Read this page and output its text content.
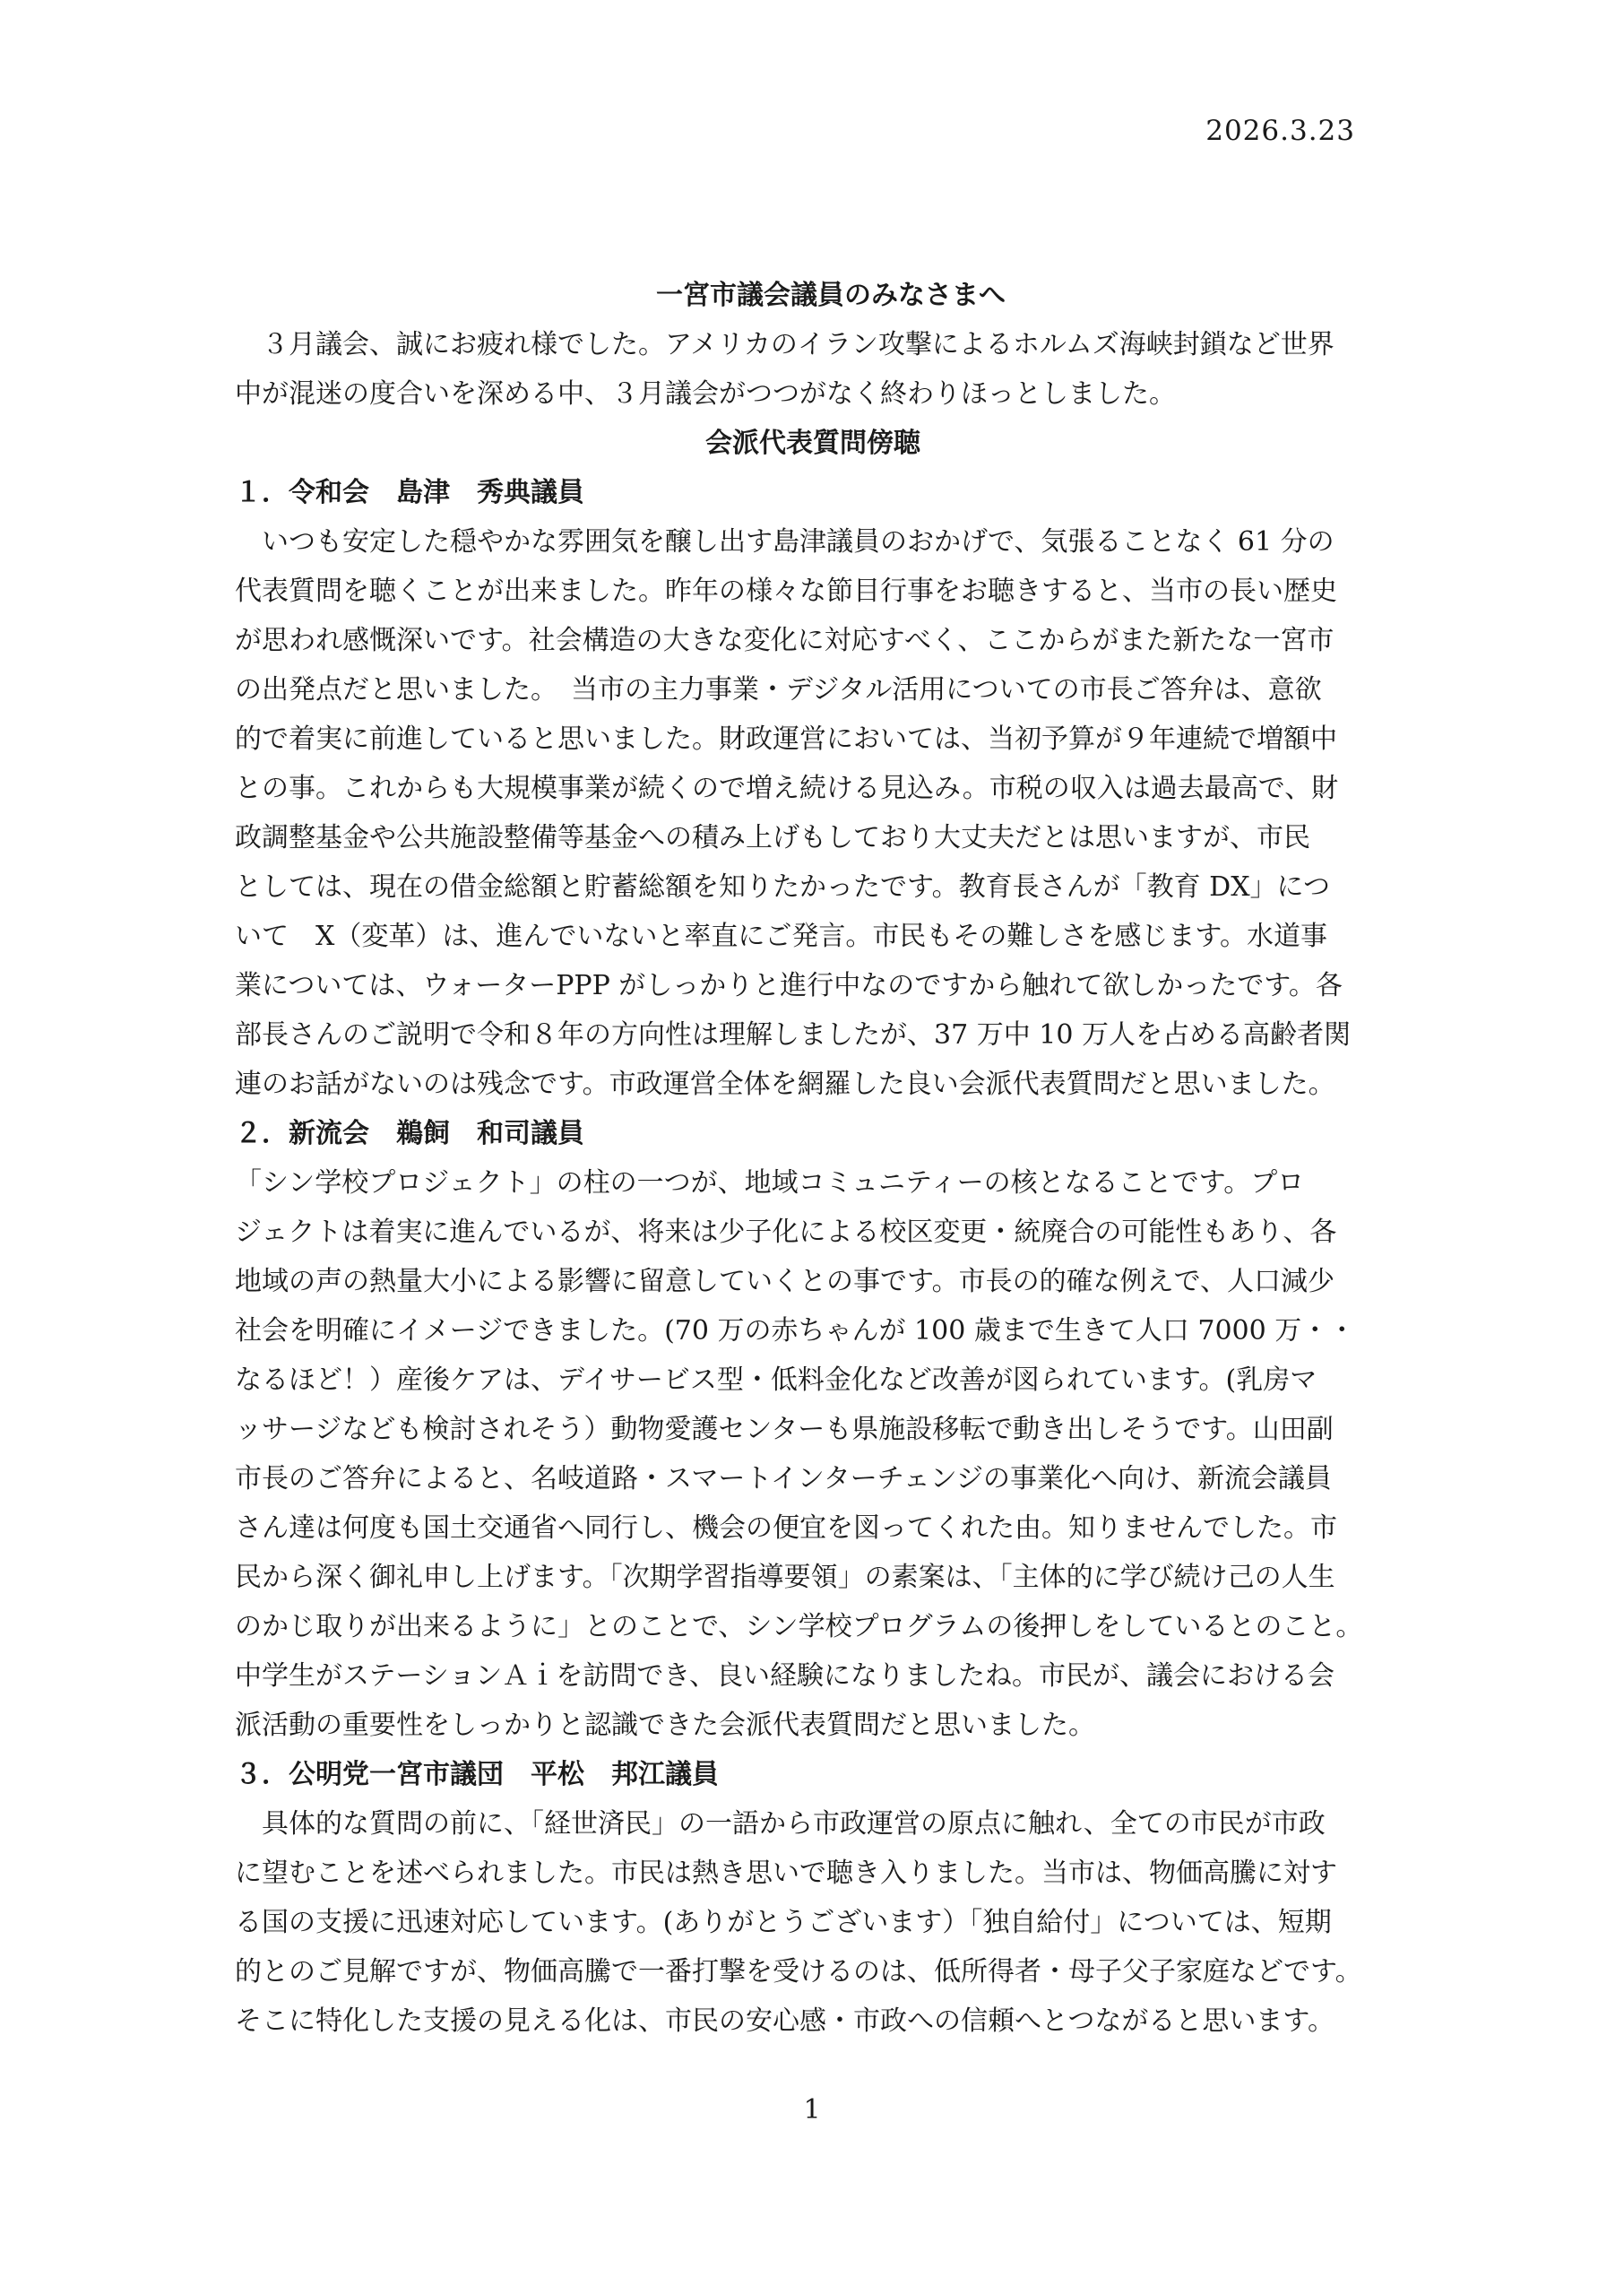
2026.3.23
一宮市議会議員のみなさまへ

　３月議会、誠にお疲れ様でした。アメリカのイラン攻撃によるホルムズ海峡封鎖など世界
中が混迷の度合いを深める中、３月議会がつつがなく終わりほっとしました。

会派代表質問傍聴
１．令和会　島津　秀典議員

　いつも安定した穏やかな雰囲気を醸し出す島津議員のおかげで、気張ることなく 61 分の
代表質問を聴くことが出来ました。昨年の様々な節目行事をお聴きすると、当市の長い歴史
が思われ感慨深いです。社会構造の大きな変化に対応すべく、ここからがまた新たな一宮市
の出発点だと思いました。　当市の主力事業・デジタル活用についての市長ご答弁は、意欲
的で着実に前進していると思いました。財政運営においては、当初予算が９年連続で増額中
との事。これからも大規模事業が続くので増え続ける見込み。市税の収入は過去最高で、財
政調整基金や公共施設整備等基金への積み上げもしており大丈夫だとは思いますが、市民
としては、現在の借金総額と貯蓄総額を知りたかったです。教育長さんが「教育 DX」につ
いて　X（変革）は、進んでいないと率直にご発言。市民もその難しさを感じます。水道事
業については、ウォーターPPP がしっかりと進行中なのですから触れて欲しかったです。各
部長さんのご説明で令和８年の方向性は理解しましたが、37 万中 10 万人を占める高齢者関
連のお話がないのは残念です。市政運営全体を網羅した良い会派代表質問だと思いました。

２．新流会　鵜飼　和司議員

「シン学校プロジェクト」の柱の一つが、地域コミュニティーの核となることです。プロ
ジェクトは着実に進んでいるが、将来は少子化による校区変更・統廃合の可能性もあり、各
地域の声の熱量大小による影響に留意していくとの事です。市長の的確な例えで、人口減少
社会を明確にイメージできました。(70 万の赤ちゃんが 100 歳まで生きて人口 7000 万・・
なるほど！）産後ケアは、デイサービス型・低料金化など改善が図られています。(乳房マ
ッサージなども検討されそう）動物愛護センターも県施設移転で動き出しそうです。山田副
市長のご答弁によると、名岐道路・スマートインターチェンジの事業化へ向け、新流会議員
さん達は何度も国土交通省へ同行し、機会の便宜を図ってくれた由。知りませんでした。市
民から深く御礼申し上げます。「次期学習指導要領」の素案は、「主体的に学び続け己の人生
のかじ取りが出来るように」とのことで、シン学校プログラムの後押しをしているとのこと。
中学生がステーションＡｉを訪問でき、良い経験になりましたね。市民が、議会における会
派活動の重要性をしっかりと認識できた会派代表質問だと思いました。

３．公明党一宮市議団　平松　邦江議員

　具体的な質問の前に、「経世済民」の一語から市政運営の原点に触れ、全ての市民が市政
に望むことを述べられました。市民は熱き思いで聴き入りました。当市は、物価高騰に対す
る国の支援に迅速対応しています。(ありがとうございます）「独自給付」については、短期
的とのご見解ですが、物価高騰で一番打撃を受けるのは、低所得者・母子父子家庭などです。
そこに特化した支援の見える化は、市民の安心感・市政への信頼へとつながると思います。

1
